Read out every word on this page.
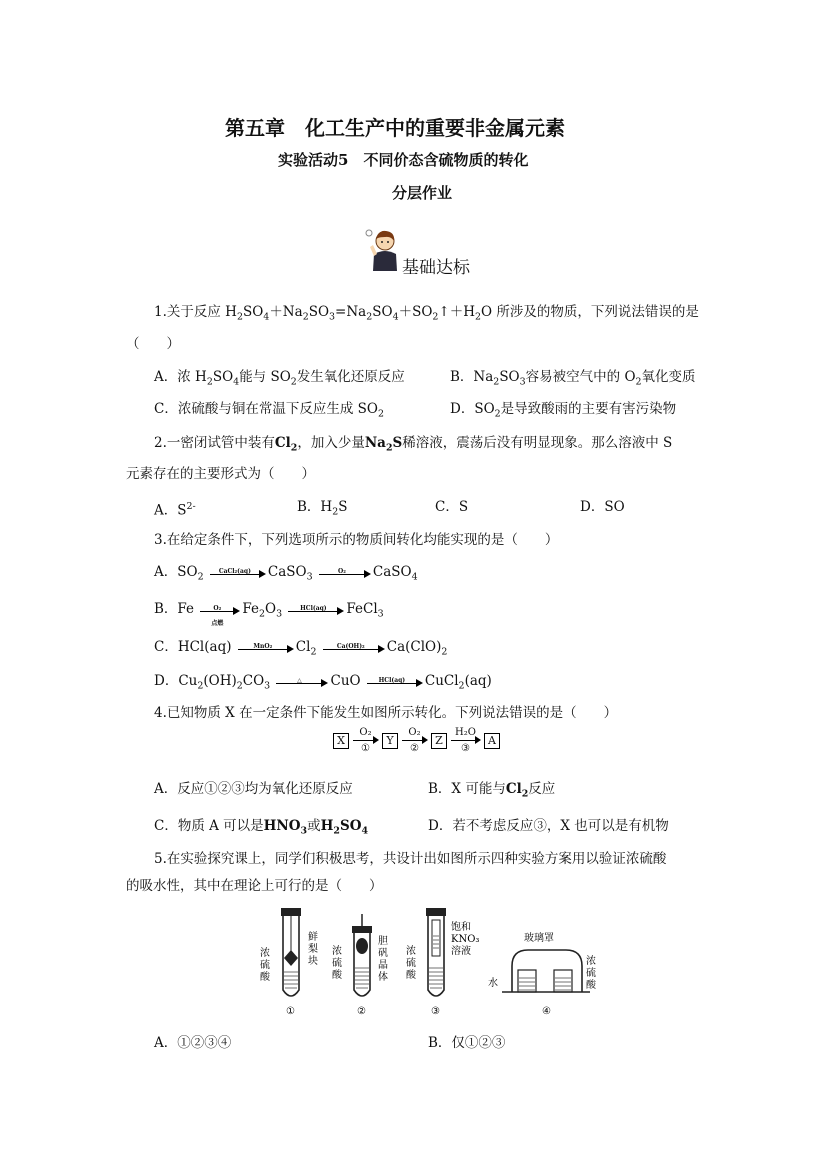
第五章　化工生产中的重要非金属元素
实验活动5　不同价态含硫物质的转化
分层作业
基础达标
1.关于反应 $H_2SO_4+Na_2SO_3=Na_2SO_4+SO_2↑+H_2O$ 所涉及的物质，下列说法错误的是
（　　）
A．浓 $H_2SO_4$能与 $SO_2$发生氧化还原反应	B．$Na_2SO_3$容易被空气中的 $O_2$氧化变质
C．浓硫酸与铜在常温下反应生成 $SO_2$	D．$SO_2$是导致酸雨的主要有害污染物
2.一密闭试管中装有$Cl_2$，加入少量$Na_2S$稀溶液，震荡后没有明显现象。那么溶液中 S
元素存在的主要形式为（　　）
A．$S^{2-}$	B．$H_2S$	C．S	D．SO
3.在给定条件下，下列选项所示的物质间转化均能实现的是（　　）
A．$SO_2$
CaCl₂(aq)	CaSO$_3$
O₂	CaSO$_4$
B．Fe	O₂
点燃
$Fe_2O_3$
HCl(aq)	FeCl$_3$
C．HCl(aq)	MnO₂	$Cl_2$
Ca(OH)₂	$Ca(ClO)_2$
D．$Cu_2(OH)_2CO_3$
△	CuO	HCl(aq)	CuCl$_2$(aq)
4.已知物质 X 在一定条件下能发生如图所示转化。下列说法错误的是（　　）
X
O₂
①
Y
O₂
②
Z
H₂O
③
A
A．反应①②③均为氧化还原反应	B．X 可能与$Cl_2$反应
C．物质 A 可以是$HNO_3$或$H_2SO_4$	D．若不考虑反应③，X 也可以是有机物
5.在实验探究课上，同学们积极思考，共设计出如图所示四种实验方案用以验证浓硫酸
的吸水性，其中在理论上可行的是（　　）
浓
硫
酸
鲜
梨
块
①
浓
硫
酸
胆
矾
晶
体
②
浓
硫
酸
饱和
KNO₃
溶液
③
玻璃罩
水
浓
硫
酸
④
A．①②③④	B．仅①②③
